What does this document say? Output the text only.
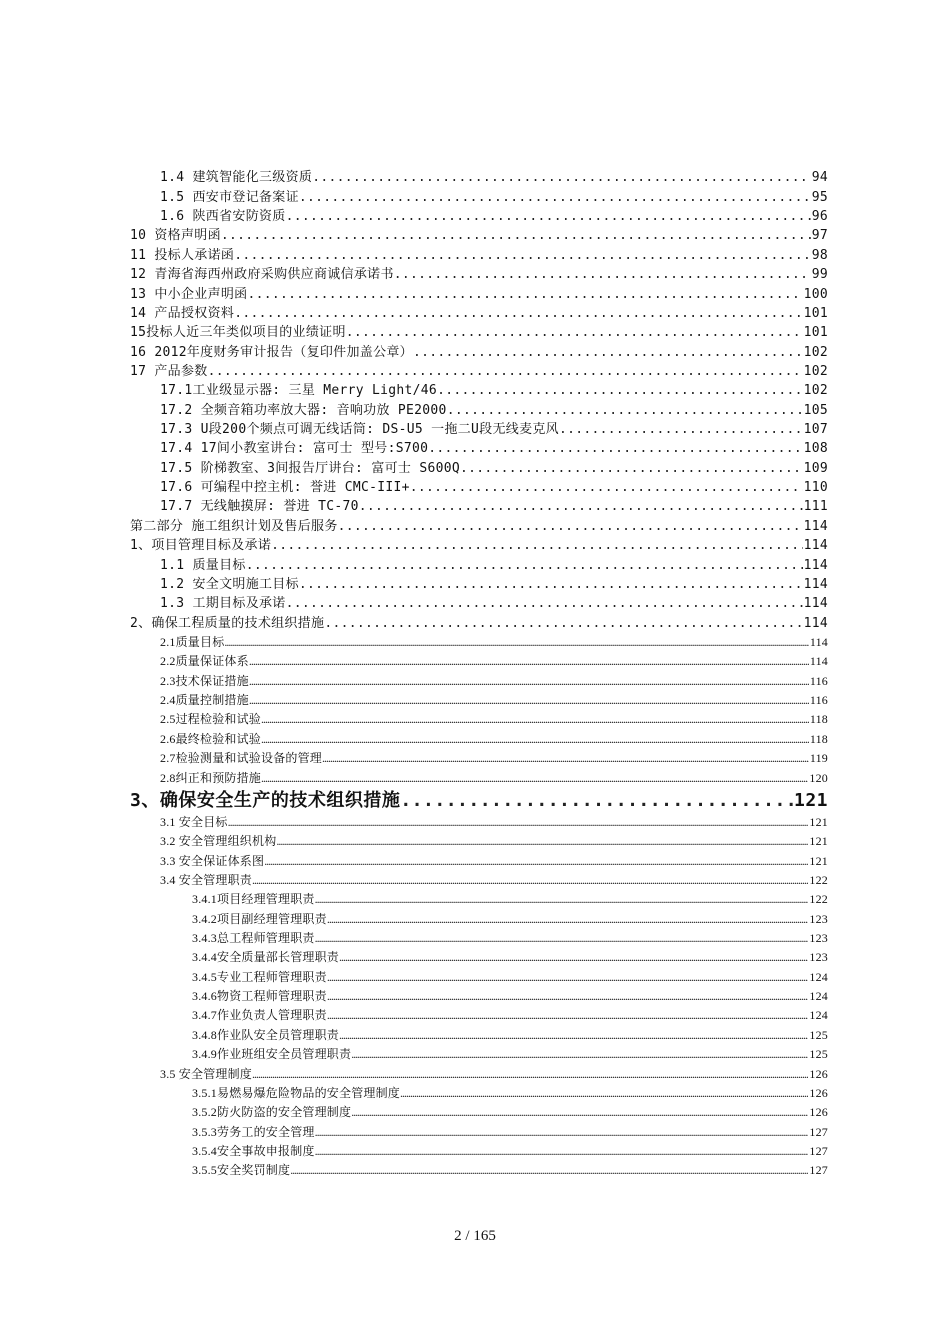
1.4 建筑智能化三级资质 .....	94
1.5 西安市登记备案证 .....	95
1.6 陕西省安防资质 .....	96
10 资格声明函 .....	97
11 投标人承诺函 .....	98
12 青海省海西州政府采购供应商诚信承诺书 .....	99
13 中小企业声明函 .....	100
14 产品授权资料 .....	101
15投标人近三年类似项目的业绩证明 .....	101
16 2012年度财务审计报告（复印件加盖公章） .....	102
17 产品参数 .....	102
17.1工业级显示器: 三星 Merry Light/46 .....	102
17.2 全频音箱功率放大器: 音响功放 PE2000 .....	105
17.3 U段200个频点可调无线话筒: DS-U5 一拖二U段无线麦克风 .....	107
17.4 17间小教室讲台: 富可士 型号:S700 .....	108
17.5 阶梯教室、3间报告厅讲台: 富可士 S600Q .....	109
17.6 可编程中控主机: 誉进 CMC-III+ .....	110
17.7 无线触摸屏: 誉进 TC-70 .....	111
第二部分 施工组织计划及售后服务 .....	114
1、项目管理目标及承诺 .....	114
1.1 质量目标 .....	114
1.2 安全文明施工目标 .....	114
1.3 工期目标及承诺 .....	114
2、确保工程质量的技术组织措施 .....	114
2.1质量目标 .....	114
2.2质量保证体系 .....	114
2.3技术保证措施 .....	116
2.4质量控制措施 .....	116
2.5过程检验和试验 .....	118
2.6最终检验和试验 .....	118
2.7检验测量和试验设备的管理 .....	119
2.8纠正和预防措施 .....	120
3、确保安全生产的技术组织措施 .....	121
3.1 安全目标 .....	121
3.2 安全管理组织机构 .....	121
3.3 安全保证体系图 .....	121
3.4 安全管理职责 .....	122
3.4.1项目经理管理职责 .....	122
3.4.2项目副经理管理职责 .....	123
3.4.3总工程师管理职责 .....	123
3.4.4安全质量部长管理职责 .....	123
3.4.5专业工程师管理职责 .....	124
3.4.6物资工程师管理职责 .....	124
3.4.7作业负责人管理职责 .....	124
3.4.8作业队安全员管理职责 .....	125
3.4.9作业班组安全员管理职责 .....	125
3.5 安全管理制度 .....	126
3.5.1易燃易爆危险物品的安全管理制度 .....	126
3.5.2防火防盗的安全管理制度 .....	126
3.5.3劳务工的安全管理 .....	127
3.5.4安全事故申报制度 .....	127
3.5.5安全奖罚制度 .....	127
2 / 165
